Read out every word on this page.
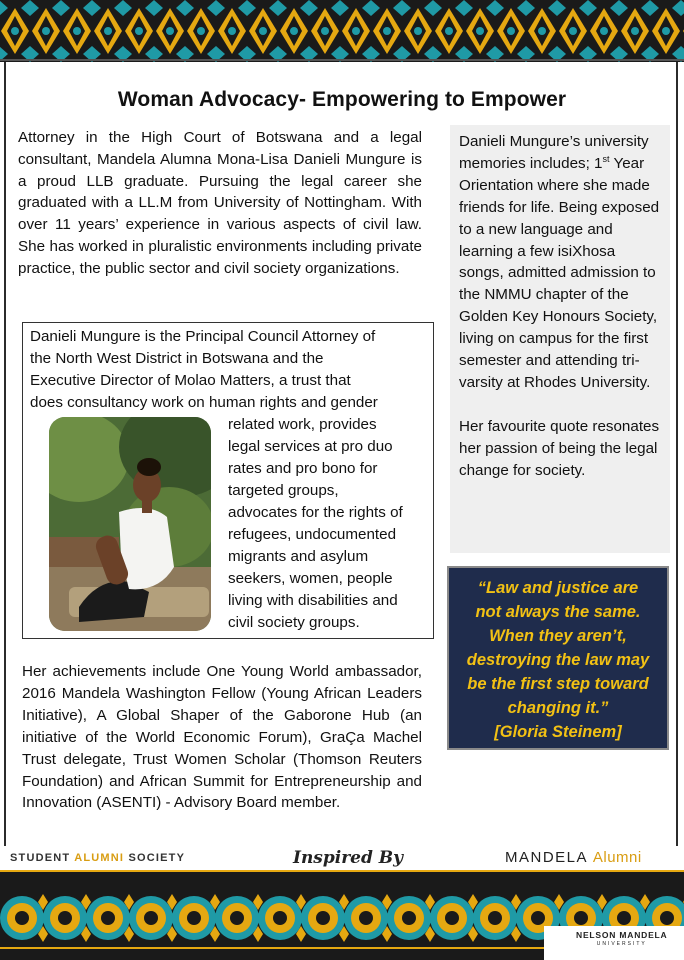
Woman Advocacy- Empowering to Empower

Attorney in the High Court of Botswana and a legal consultant, Mandela Alumna Mona-Lisa Danieli Mungure is a proud LLB graduate. Pursuing the legal career she graduated with a LL.M from University of Nottingham. With over 11 years’ experience in various aspects of civil law. She has worked in pluralistic environments including private practice, the public sector and civil society organizations.

Danieli Mungure’s university memories includes; 1st Year Orientation where she made friends for life. Being exposed to a new language and learning a few isiXhosa songs, admitted admission to the NMMU chapter of the Golden Key Honours Society, living on campus for the first semester and attending tri-varsity at Rhodes University.

Her favourite quote resonates her passion of being the legal change for society.

Danieli Mungure is the Principal Council Attorney of
the North West District in Botswana and the
Executive Director of Molao Matters, a trust that
does consultancy work on human rights and gender
related work, provides
legal services at pro duo
rates and pro bono for
targeted groups,
advocates for the rights of
refugees, undocumented
migrants and asylum
seekers, women, people
living with disabilities and
civil society groups.

Her achievements include One Young World ambassador, 2016 Mandela Washington Fellow (Young African Leaders Initiative), A Global Shaper of the Gaborone Hub (an initiative of the World Economic Forum), GraÇa Machel Trust delegate, Trust Women Scholar (Thomson Reuters Foundation) and African Summit for Entrepreneurship and Innovation (ASENTI) - Advisory Board member.

“Law and justice are
not always the same.
When they aren’t,
destroying the law may
be the first step toward
changing it.”
[Gloria Steinem]
STUDENT ALUMNI SOCIETY	Inspired By	MANDELA Alumni
NELSON MANDELA
UNIVERSITY
